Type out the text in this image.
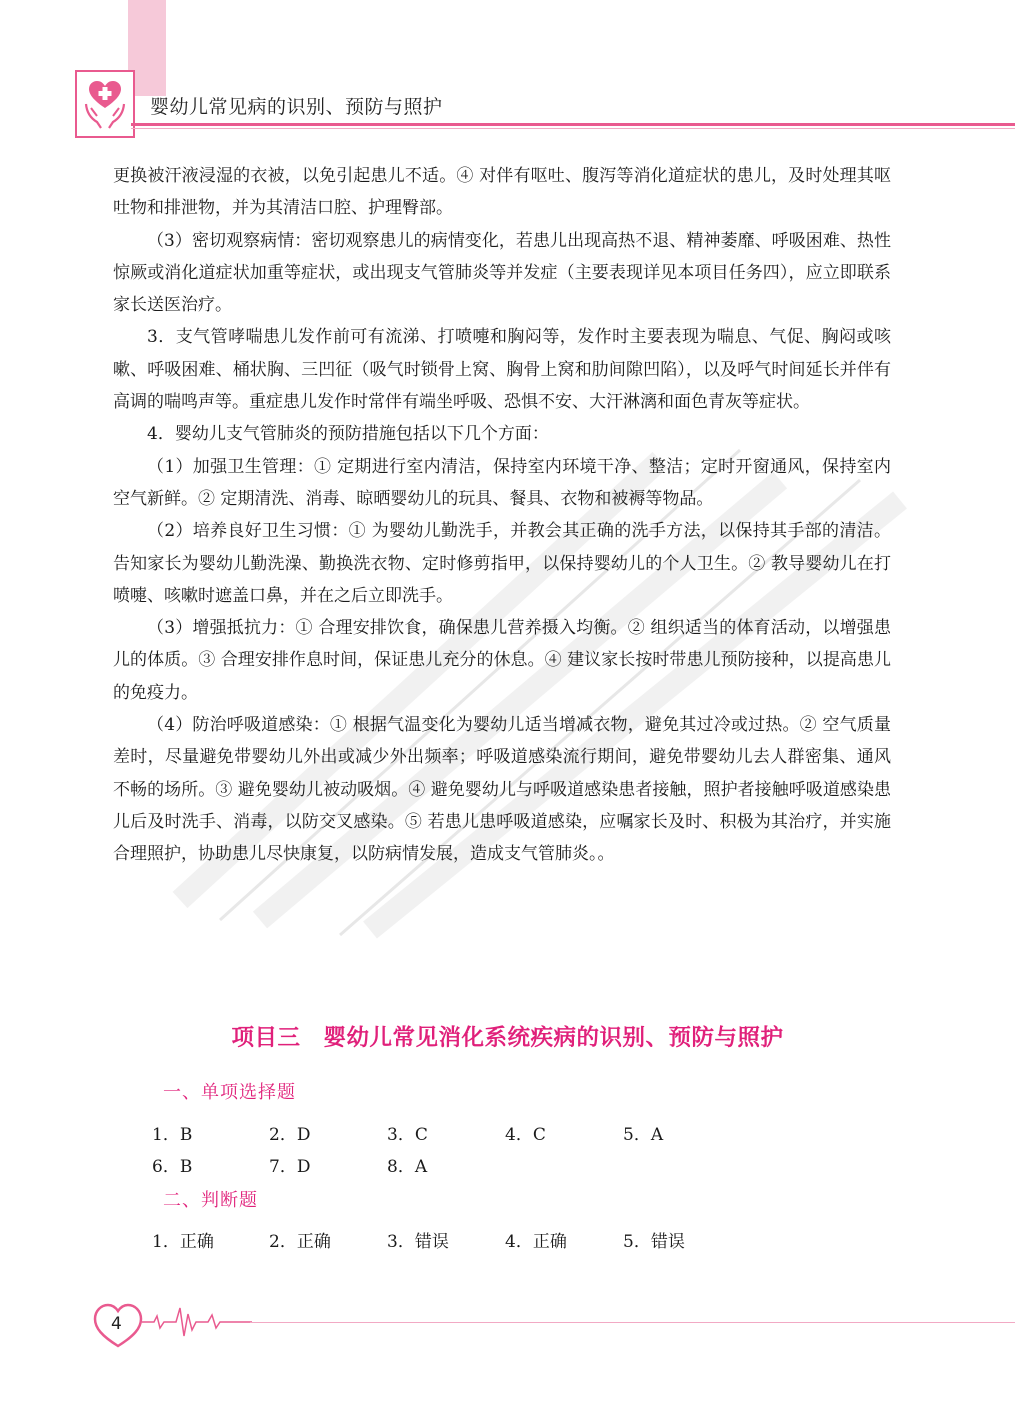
婴幼儿常见病的识别、预防与照护

更换被汗液浸湿的衣被，以免引起患儿不适。④ 对伴有呕吐、腹泻等消化道症状的患儿，及时处理其呕吐物和排泄物，并为其清洁口腔、护理臀部。

（3）密切观察病情：密切观察患儿的病情变化，若患儿出现高热不退、精神萎靡、呼吸困难、热性惊厥或消化道症状加重等症状，或出现支气管肺炎等并发症（主要表现详见本项目任务四），应立即联系家长送医治疗。

3．支气管哮喘患儿发作前可有流涕、打喷嚏和胸闷等，发作时主要表现为喘息、气促、胸闷或咳嗽、呼吸困难、桶状胸、三凹征（吸气时锁骨上窝、胸骨上窝和肋间隙凹陷），以及呼气时间延长并伴有高调的喘鸣声等。重症患儿发作时常伴有端坐呼吸、恐惧不安、大汗淋漓和面色青灰等症状。

4．婴幼儿支气管肺炎的预防措施包括以下几个方面：

（1）加强卫生管理：① 定期进行室内清洁，保持室内环境干净、整洁；定时开窗通风，保持室内空气新鲜。② 定期清洗、消毒、晾晒婴幼儿的玩具、餐具、衣物和被褥等物品。

（2）培养良好卫生习惯：① 为婴幼儿勤洗手，并教会其正确的洗手方法，以保持其手部的清洁。告知家长为婴幼儿勤洗澡、勤换洗衣物、定时修剪指甲，以保持婴幼儿的个人卫生。② 教导婴幼儿在打喷嚏、咳嗽时遮盖口鼻，并在之后立即洗手。

（3）增强抵抗力：① 合理安排饮食，确保患儿营养摄入均衡。② 组织适当的体育活动，以增强患儿的体质。③ 合理安排作息时间，保证患儿充分的休息。④ 建议家长按时带患儿预防接种，以提高患儿的免疫力。

（4）防治呼吸道感染：① 根据气温变化为婴幼儿适当增减衣物，避免其过冷或过热。② 空气质量差时，尽量避免带婴幼儿外出或减少外出频率；呼吸道感染流行期间，避免带婴幼儿去人群密集、通风不畅的场所。③ 避免婴幼儿被动吸烟。④ 避免婴幼儿与呼吸道感染患者接触，照护者接触呼吸道感染患儿后及时洗手、消毒，以防交叉感染。⑤ 若患儿患呼吸道感染，应嘱家长及时、积极为其治疗，并实施合理照护，协助患儿尽快康复，以防病情发展，造成支气管肺炎。。

项目三　婴幼儿常见消化系统疾病的识别、预防与照护
一、单项选择题
1．B	2．D	3．C	4．C	5．A
6．B	7．D	8．A
二、判断题
1．正确	2．正确	3．错误	4．正确	5．错误
4
